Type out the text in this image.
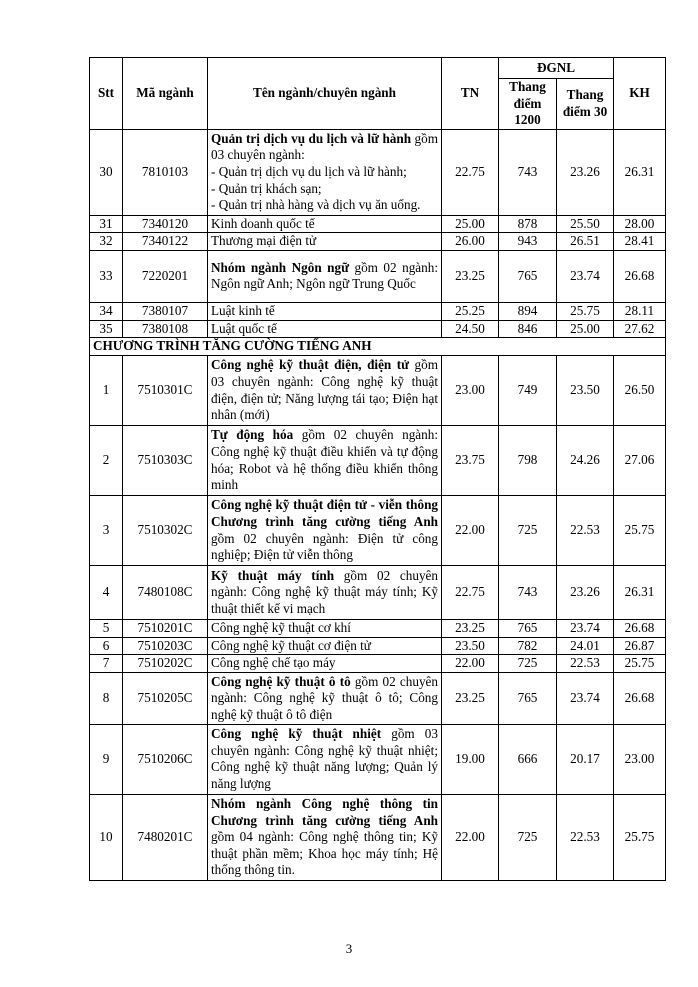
Stt	Mã ngành	Tên ngành/chuyên ngành	TN	ĐGNL		KH
				Thang điểm 1200	Thang điểm 30	
30	7810103	Quản trị dịch vụ du lịch và lữ hành gồm 03 chuyên ngành:
- Quản trị dịch vụ du lịch và lữ hành;
- Quản trị khách sạn;
- Quản trị nhà hàng và dịch vụ ăn uống.	22.75	743	23.26	26.31
31	7340120	Kinh doanh quốc tế	25.00	878	25.50	28.00
32	7340122	Thương mại điện tử	26.00	943	26.51	28.41
33	7220201	Nhóm ngành Ngôn ngữ gồm 02 ngành: Ngôn ngữ Anh; Ngôn ngữ Trung Quốc	23.25	765	23.74	26.68
34	7380107	Luật kinh tế	25.25	894	25.75	28.11
35	7380108	Luật quốc tế	24.50	846	25.00	27.62
CHƯƠNG TRÌNH TĂNG CƯỜNG TIẾNG ANH						
1	7510301C	Công nghệ kỹ thuật điện, điện tử gồm 03 chuyên ngành: Công nghệ kỹ thuật điện, điện tử; Năng lượng tái tạo; Điện hạt nhân (mới)	23.00	749	23.50	26.50
2	7510303C	Tự động hóa gồm 02 chuyên ngành: Công nghệ kỹ thuật điều khiển và tự động hóa; Robot và hệ thống điều khiển thông minh	23.75	798	24.26	27.06
3	7510302C	Công nghệ kỹ thuật điện tử - viễn thông Chương trình tăng cường tiếng Anh gồm 02 chuyên ngành: Điện tử công nghiệp; Điện tử viễn thông	22.00	725	22.53	25.75
4	7480108C	Kỹ thuật máy tính gồm 02 chuyên ngành: Công nghệ kỹ thuật máy tính; Kỹ thuật thiết kế vi mạch	22.75	743	23.26	26.31
5	7510201C	Công nghệ kỹ thuật cơ khí	23.25	765	23.74	26.68
6	7510203C	Công nghệ kỹ thuật cơ điện tử	23.50	782	24.01	26.87
7	7510202C	Công nghệ chế tạo máy	22.00	725	22.53	25.75
8	7510205C	Công nghệ kỹ thuật ô tô gồm 02 chuyên ngành: Công nghệ kỹ thuật ô tô; Công nghệ kỹ thuật ô tô điện	23.25	765	23.74	26.68
9	7510206C	Công nghệ kỹ thuật nhiệt gồm 03 chuyên ngành: Công nghệ kỹ thuật nhiệt; Công nghệ kỹ thuật năng lượng; Quản lý năng lượng	19.00	666	20.17	23.00
10	7480201C	Nhóm ngành Công nghệ thông tin Chương trình tăng cường tiếng Anh gồm 04 ngành: Công nghệ thông tin; Kỹ thuật phần mềm; Khoa học máy tính; Hệ thống thông tin.	22.00	725	22.53	25.75
3
